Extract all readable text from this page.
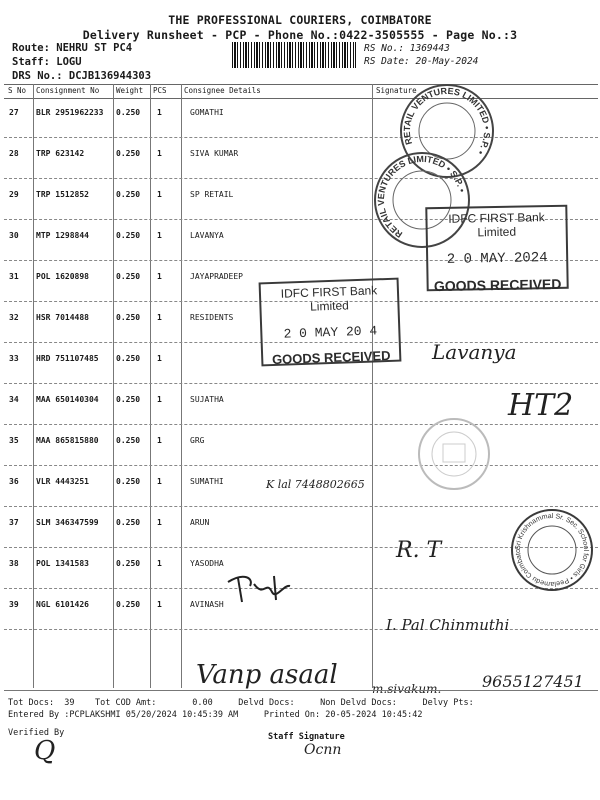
THE PROFESSIONAL COURIERS, COIMBATORE
Delivery Runsheet - PCP - Phone No.:0422-3505555 - Page No.:3
Route: NEHRU ST PC4
Staff: LOGU
DRS No.: DCJB136944303
RS No.: 1369443
RS Date: 20-May-2024
S No Consignment No Weight PCS Consignee Details	Signature
27 BLR 2951962233 0.250 1	GOMATHI
28 TRP 623142	0.250 1	SIVA KUMAR
29 TRP 1512852	0.250 1	SP RETAIL
30 MTP 1298844	0.250 1	LAVANYA
31 POL 1620898	0.250 1	JAYAPRADEEP
32 HSR 7014488	0.250 1	RESIDENTS
33 HRD 751107485 0.250 1
34 MAA 650140304 0.250 1	SUJATHA
35 MAA 865815880 0.250 1	GRG
36 VLR 4443251	0.250 1	SUMATHI
37 SLM 346347599 0.250 1	ARUN
38 POL 1341583	0.250 1	YASODHA
39 NGL 6101426	0.250 1	AVINASH
RETAIL VENTURES LIMITED • S.P. •
RETAIL VENTURES LIMITED • S.P. •
IDFC FIRST Bank Limited
2 0 MAY 2024
GOODS RECEIVED
IDFC FIRST Bank Limited
2 0 MAY 20 4
GOODS RECEIVED
Sri Krishnammal Sr. Sec. School for Girls • Peelamedu Coimbatore •
Lavanya
HT2
K lal 7448802665
R. T
I. Pal Chinmuthi
Vanp asaal	m.sivakum.	9655127451
Tot Docs:  39    Tot COD Amt:       0.00     Delvd Docs:     Non Delvd Docs:     Delvy Pts:
Entered By :PCPLAKSHMI 05/20/2024 10:45:39 AM     Printed On: 20-05-2024 10:45:42
Verified By	Staff Signature
Q	Ocnn
